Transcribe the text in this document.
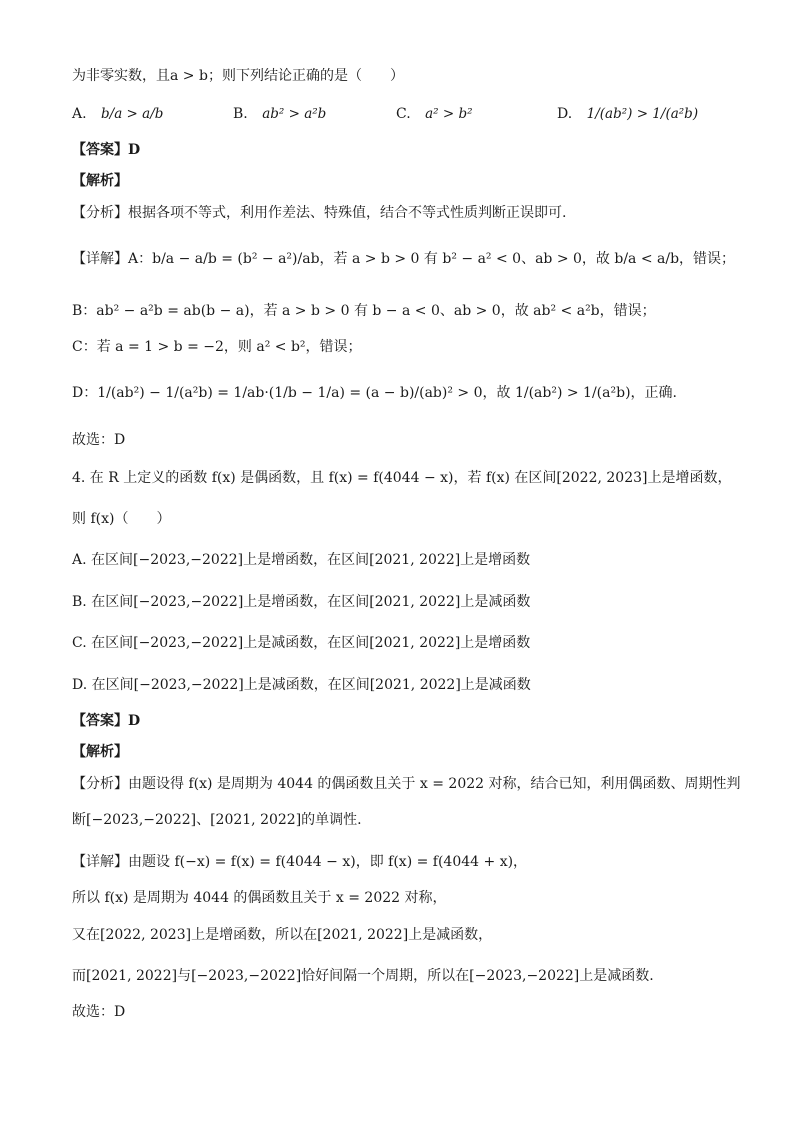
为非零实数，且a > b；则下列结论正确的是（　　）
A. b/a > a/b	B. ab² > a²b	C. a² > b²	D. 1/(ab²) > 1/(a²b)
【答案】D
【解析】
【分析】根据各项不等式，利用作差法、特殊值，结合不等式性质判断正误即可.
【详解】A：b/a − a/b = (b² − a²)/ab，若 a > b > 0 有 b² − a² < 0、ab > 0，故 b/a < a/b，错误；
B：ab² − a²b = ab(b − a)，若 a > b > 0 有 b − a < 0、ab > 0，故 ab² < a²b，错误；
C：若 a = 1 > b = −2，则 a² < b²，错误；
D：1/(ab²) − 1/(a²b) = 1/ab·(1/b − 1/a) = (a − b)/(ab)² > 0，故 1/(ab²) > 1/(a²b)，正确.
故选：D
4. 在 R 上定义的函数 f(x) 是偶函数，且 f(x) = f(4044 − x)，若 f(x) 在区间[2022, 2023]上是增函数，
则 f(x)（　　）
A. 在区间[−2023,−2022]上是增函数，在区间[2021, 2022]上是增函数
B. 在区间[−2023,−2022]上是增函数，在区间[2021, 2022]上是减函数
C. 在区间[−2023,−2022]上是减函数，在区间[2021, 2022]上是增函数
D. 在区间[−2023,−2022]上是减函数，在区间[2021, 2022]上是减函数
【答案】D
【解析】
【分析】由题设得 f(x) 是周期为 4044 的偶函数且关于 x = 2022 对称，结合已知，利用偶函数、周期性判
断[−2023,−2022]、[2021, 2022]的单调性.
【详解】由题设 f(−x) = f(x) = f(4044 − x)，即 f(x) = f(4044 + x)，
所以 f(x) 是周期为 4044 的偶函数且关于 x = 2022 对称，
又在[2022, 2023]上是增函数，所以在[2021, 2022]上是减函数，
而[2021, 2022]与[−2023,−2022]恰好间隔一个周期，所以在[−2023,−2022]上是减函数.
故选：D
